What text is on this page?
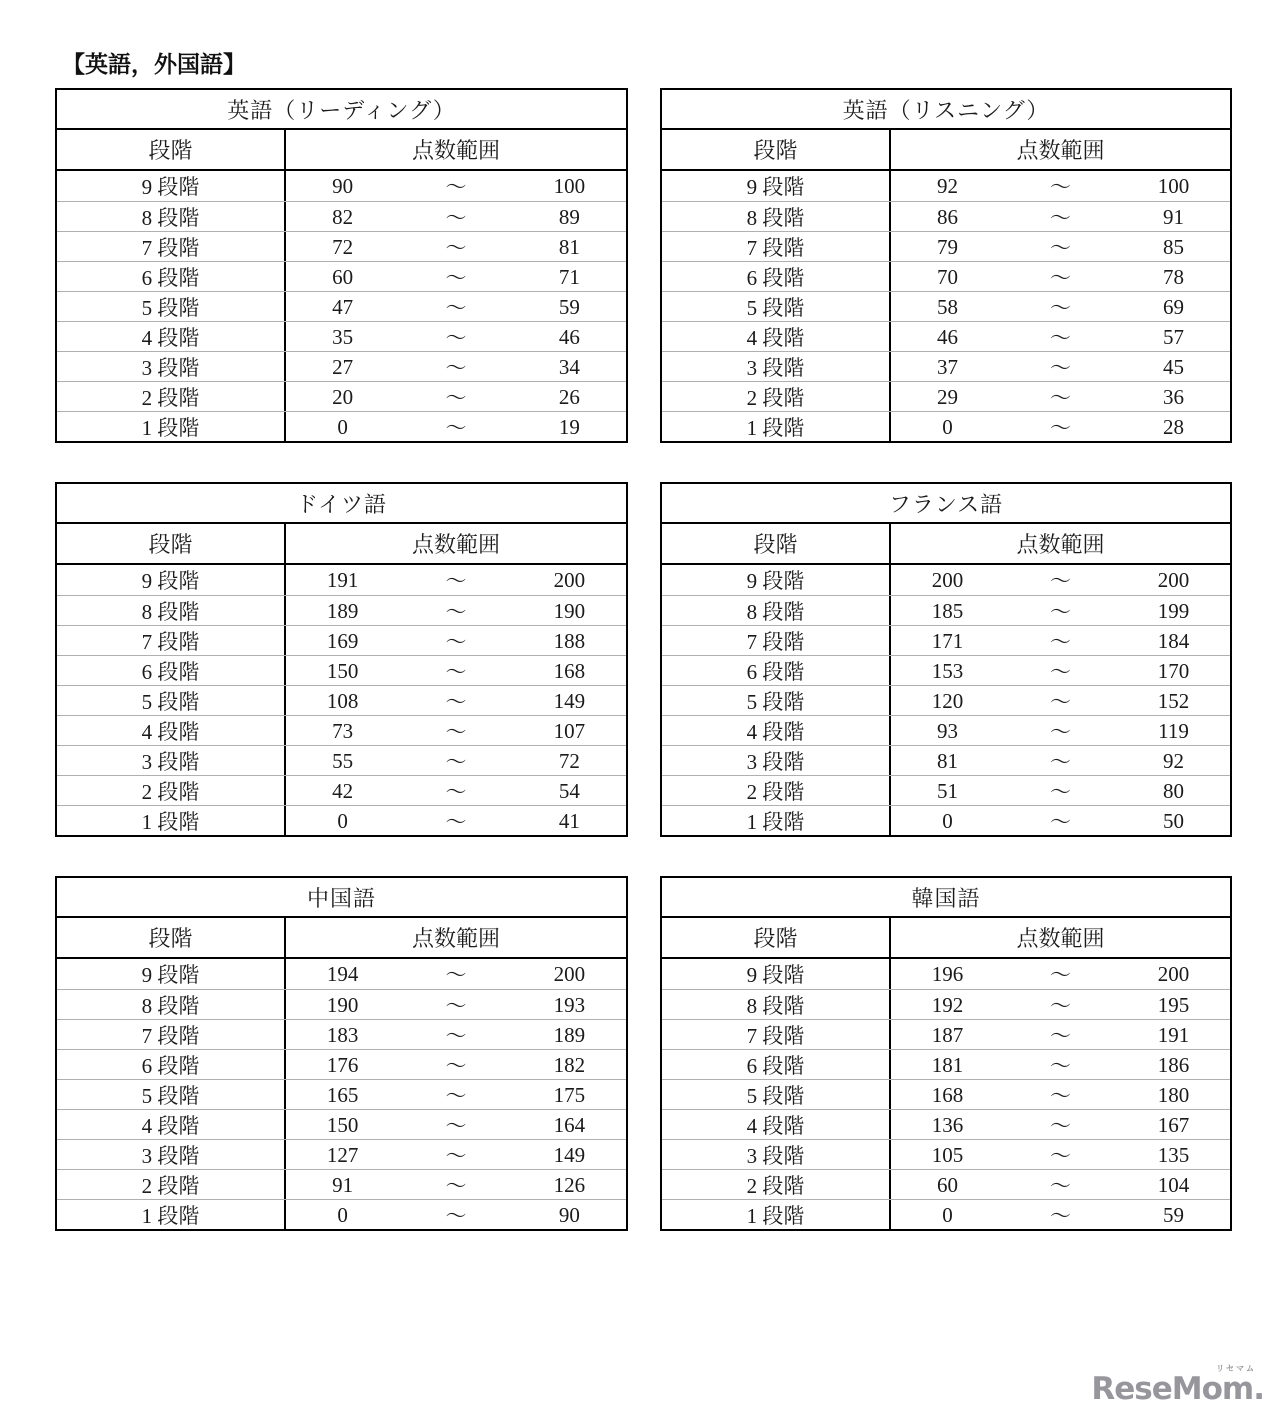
【英語，外国語】
英語（リーディング）
段階	点数範囲
9 段階	90	～	100
8 段階	82	～	89
7 段階	72	～	81
6 段階	60	～	71
5 段階	47	～	59
4 段階	35	～	46
3 段階	27	～	34
2 段階	20	～	26
1 段階	0	～	19
英語（リスニング）
段階	点数範囲
9 段階	92	～	100
8 段階	86	～	91
7 段階	79	～	85
6 段階	70	～	78
5 段階	58	～	69
4 段階	46	～	57
3 段階	37	～	45
2 段階	29	～	36
1 段階	0	～	28
ドイツ語
段階	点数範囲
9 段階	191	～	200
8 段階	189	～	190
7 段階	169	～	188
6 段階	150	～	168
5 段階	108	～	149
4 段階	73	～	107
3 段階	55	～	72
2 段階	42	～	54
1 段階	0	～	41
フランス語
段階	点数範囲
9 段階	200	～	200
8 段階	185	～	199
7 段階	171	～	184
6 段階	153	～	170
5 段階	120	～	152
4 段階	93	～	119
3 段階	81	～	92
2 段階	51	～	80
1 段階	0	～	50
中国語
段階	点数範囲
9 段階	194	～	200
8 段階	190	～	193
7 段階	183	～	189
6 段階	176	～	182
5 段階	165	～	175
4 段階	150	～	164
3 段階	127	～	149
2 段階	91	～	126
1 段階	0	～	90
韓国語
段階	点数範囲
9 段階	196	～	200
8 段階	192	～	195
7 段階	187	～	191
6 段階	181	～	186
5 段階	168	～	180
4 段階	136	～	167
3 段階	105	～	135
2 段階	60	～	104
1 段階	0	～	59
リセマム
ReseMom.
